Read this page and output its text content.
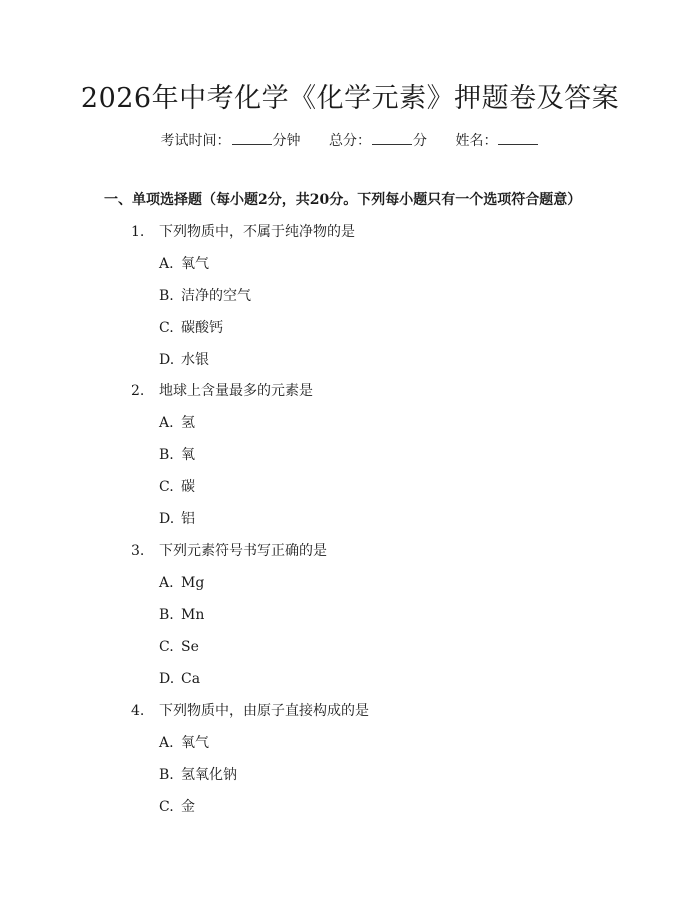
2026年中考化学《化学元素》押题卷及答案
考试时间：	分钟 总分：	分 姓名：
一、单项选择题（每小题2分，共20分。下列每小题只有一个选项符合题意）
1. 下列物质中，不属于纯净物的是
A. 氧气
B. 洁净的空气
C. 碳酸钙
D. 水银
2. 地球上含量最多的元素是
A. 氢
B. 氧
C. 碳
D. 铝
3. 下列元素符号书写正确的是
A. Mg
B. Mn
C. Se
D. Ca
4. 下列物质中，由原子直接构成的是
A. 氧气
B. 氢氧化钠
C. 金
